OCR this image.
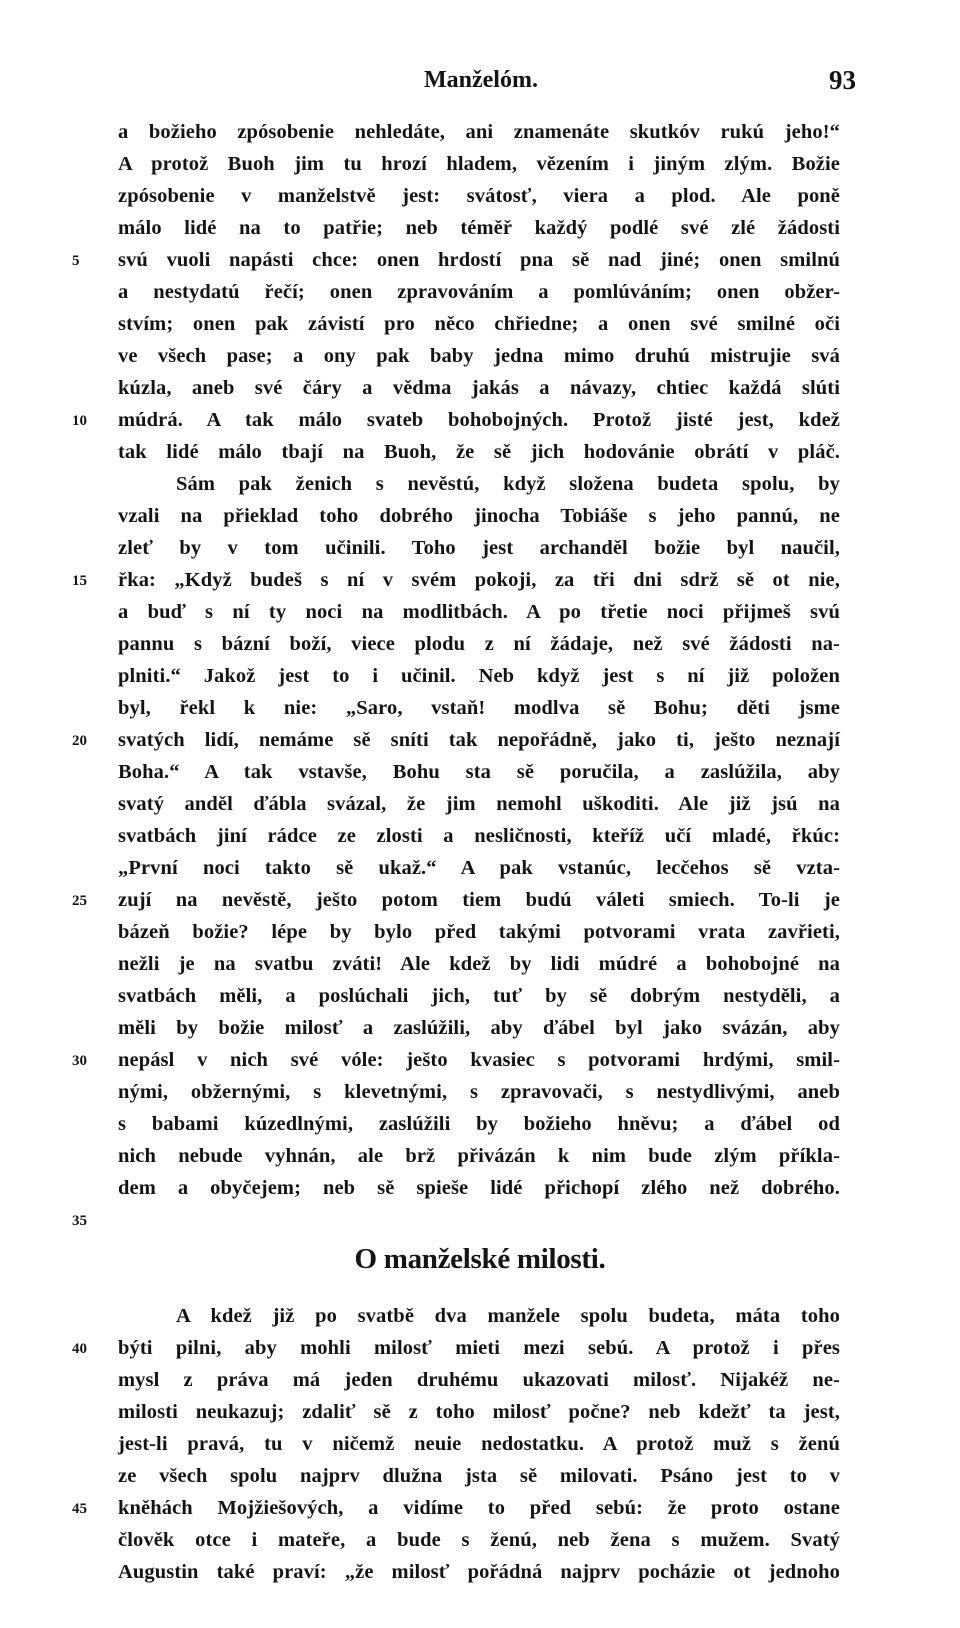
Manželóm.	93
a božieho zpósobenie nehledáte, ani znamenáte skutkóv rukú jeho!“
A protož Buoh jim tu hrozí hladem, vězením i jiným zlým. Božie
zpósobenie v manželstvě jest: svátosť, viera a plod. Ale poně
málo lidé na to patřie; neb téměř každý podlé své zlé žádosti
svú vuoli napásti chce: onen hrdostí pna sě nad jiné; onen smilnú
a nestydatú řečí; onen zpravováním a pomlúváním; onen obžer-
stvím; onen pak závistí pro něco chřiedne; a onen své smilné oči
ve všech pase; a ony pak baby jedna mimo druhú mistrujie svá
kúzla, aneb své čáry a vědma jakás a návazy, chtiec každá slúti
múdrá. A tak málo svateb bohobojných. Protož jisté jest, kdež
tak lidé málo tbají na Buoh, že sě jich hodovánie obrátí v pláč.
Sám pak ženich s nevěstú, když složena budeta spolu, by
vzali na přieklad toho dobrého jinocha Tobiáše s jeho pannú, ne
zleť by v tom učinili. Toho jest archanděl božie byl naučil,
řka: „Když budeš s ní v svém pokoji, za tři dni sdrž sě ot nie,
a buď s ní ty noci na modlitbách. A po třetie noci přijmeš svú
pannu s bázní boží, viece plodu z ní žádaje, než své žádosti na-
plniti.“ Jakož jest to i učinil. Neb když jest s ní již položen
byl, řekl k nie: „Saro, vstaň! modlva sě Bohu; děti jsme
svatých lidí, nemáme sě sníti tak nepořádně, jako ti, ješto neznají
Boha.“ A tak vstavše, Bohu sta sě poručila, a zaslúžila, aby
svatý anděl ďábla svázal, že jim nemohl uškoditi. Ale již jsú na
svatbách jiní rádce ze zlosti a nesličnosti, kteříž učí mladé, řkúc:
„První noci takto sě ukaž.“ A pak vstanúc, lecčehos sě vzta-
zují na nevěstě, ješto potom tiem budú váleti smiech. To-li je
bázeň božie? lépe by bylo před takými potvorami vrata zavřieti,
nežli je na svatbu zváti! Ale kdež by lidi múdré a bohobojné na
svatbách měli, a poslúchali jich, tuť by sě dobrým nestyděli, a
měli by božie milosť a zaslúžili, aby ďábel byl jako svázán, aby
nepásl v nich své vóle: ješto kvasiec s potvorami hrdými, smil-
nými, obžernými, s klevetnými, s zpravovači, s nestydlivými, aneb
s babami kúzedlnými, zaslúžili by božieho hněvu; a ďábel od
nich nebude vyhnán, ale brž přivázán k nim bude zlým příkla-
dem a obyčejem; neb sě spieše lidé přichopí zlého než dobrého.
O manželské milosti.
A kdež již po svatbě dva manžele spolu budeta, máta toho
býti pilni, aby mohli milosť mieti mezi sebú. A protož i přes
mysl z práva má jeden druhému ukazovati milosť. Nijakéž ne-
milosti neukazuj; zdaliť sě z toho milosť počne? neb kdežť ta jest,
jest-li pravá, tu v ničemž neuie nedostatku. A protož muž s ženú
ze všech spolu najprv dlužna jsta sě milovati. Psáno jest to v
kněhách Mojžiešových, a vidíme to před sebú: že proto ostane
člověk otce i mateře, a bude s ženú, neb žena s mužem. Svatý
Augustin také praví: „že milosť pořádná najprv pocházie ot jednoho
5
10
15
20
25
30
35
40
45
